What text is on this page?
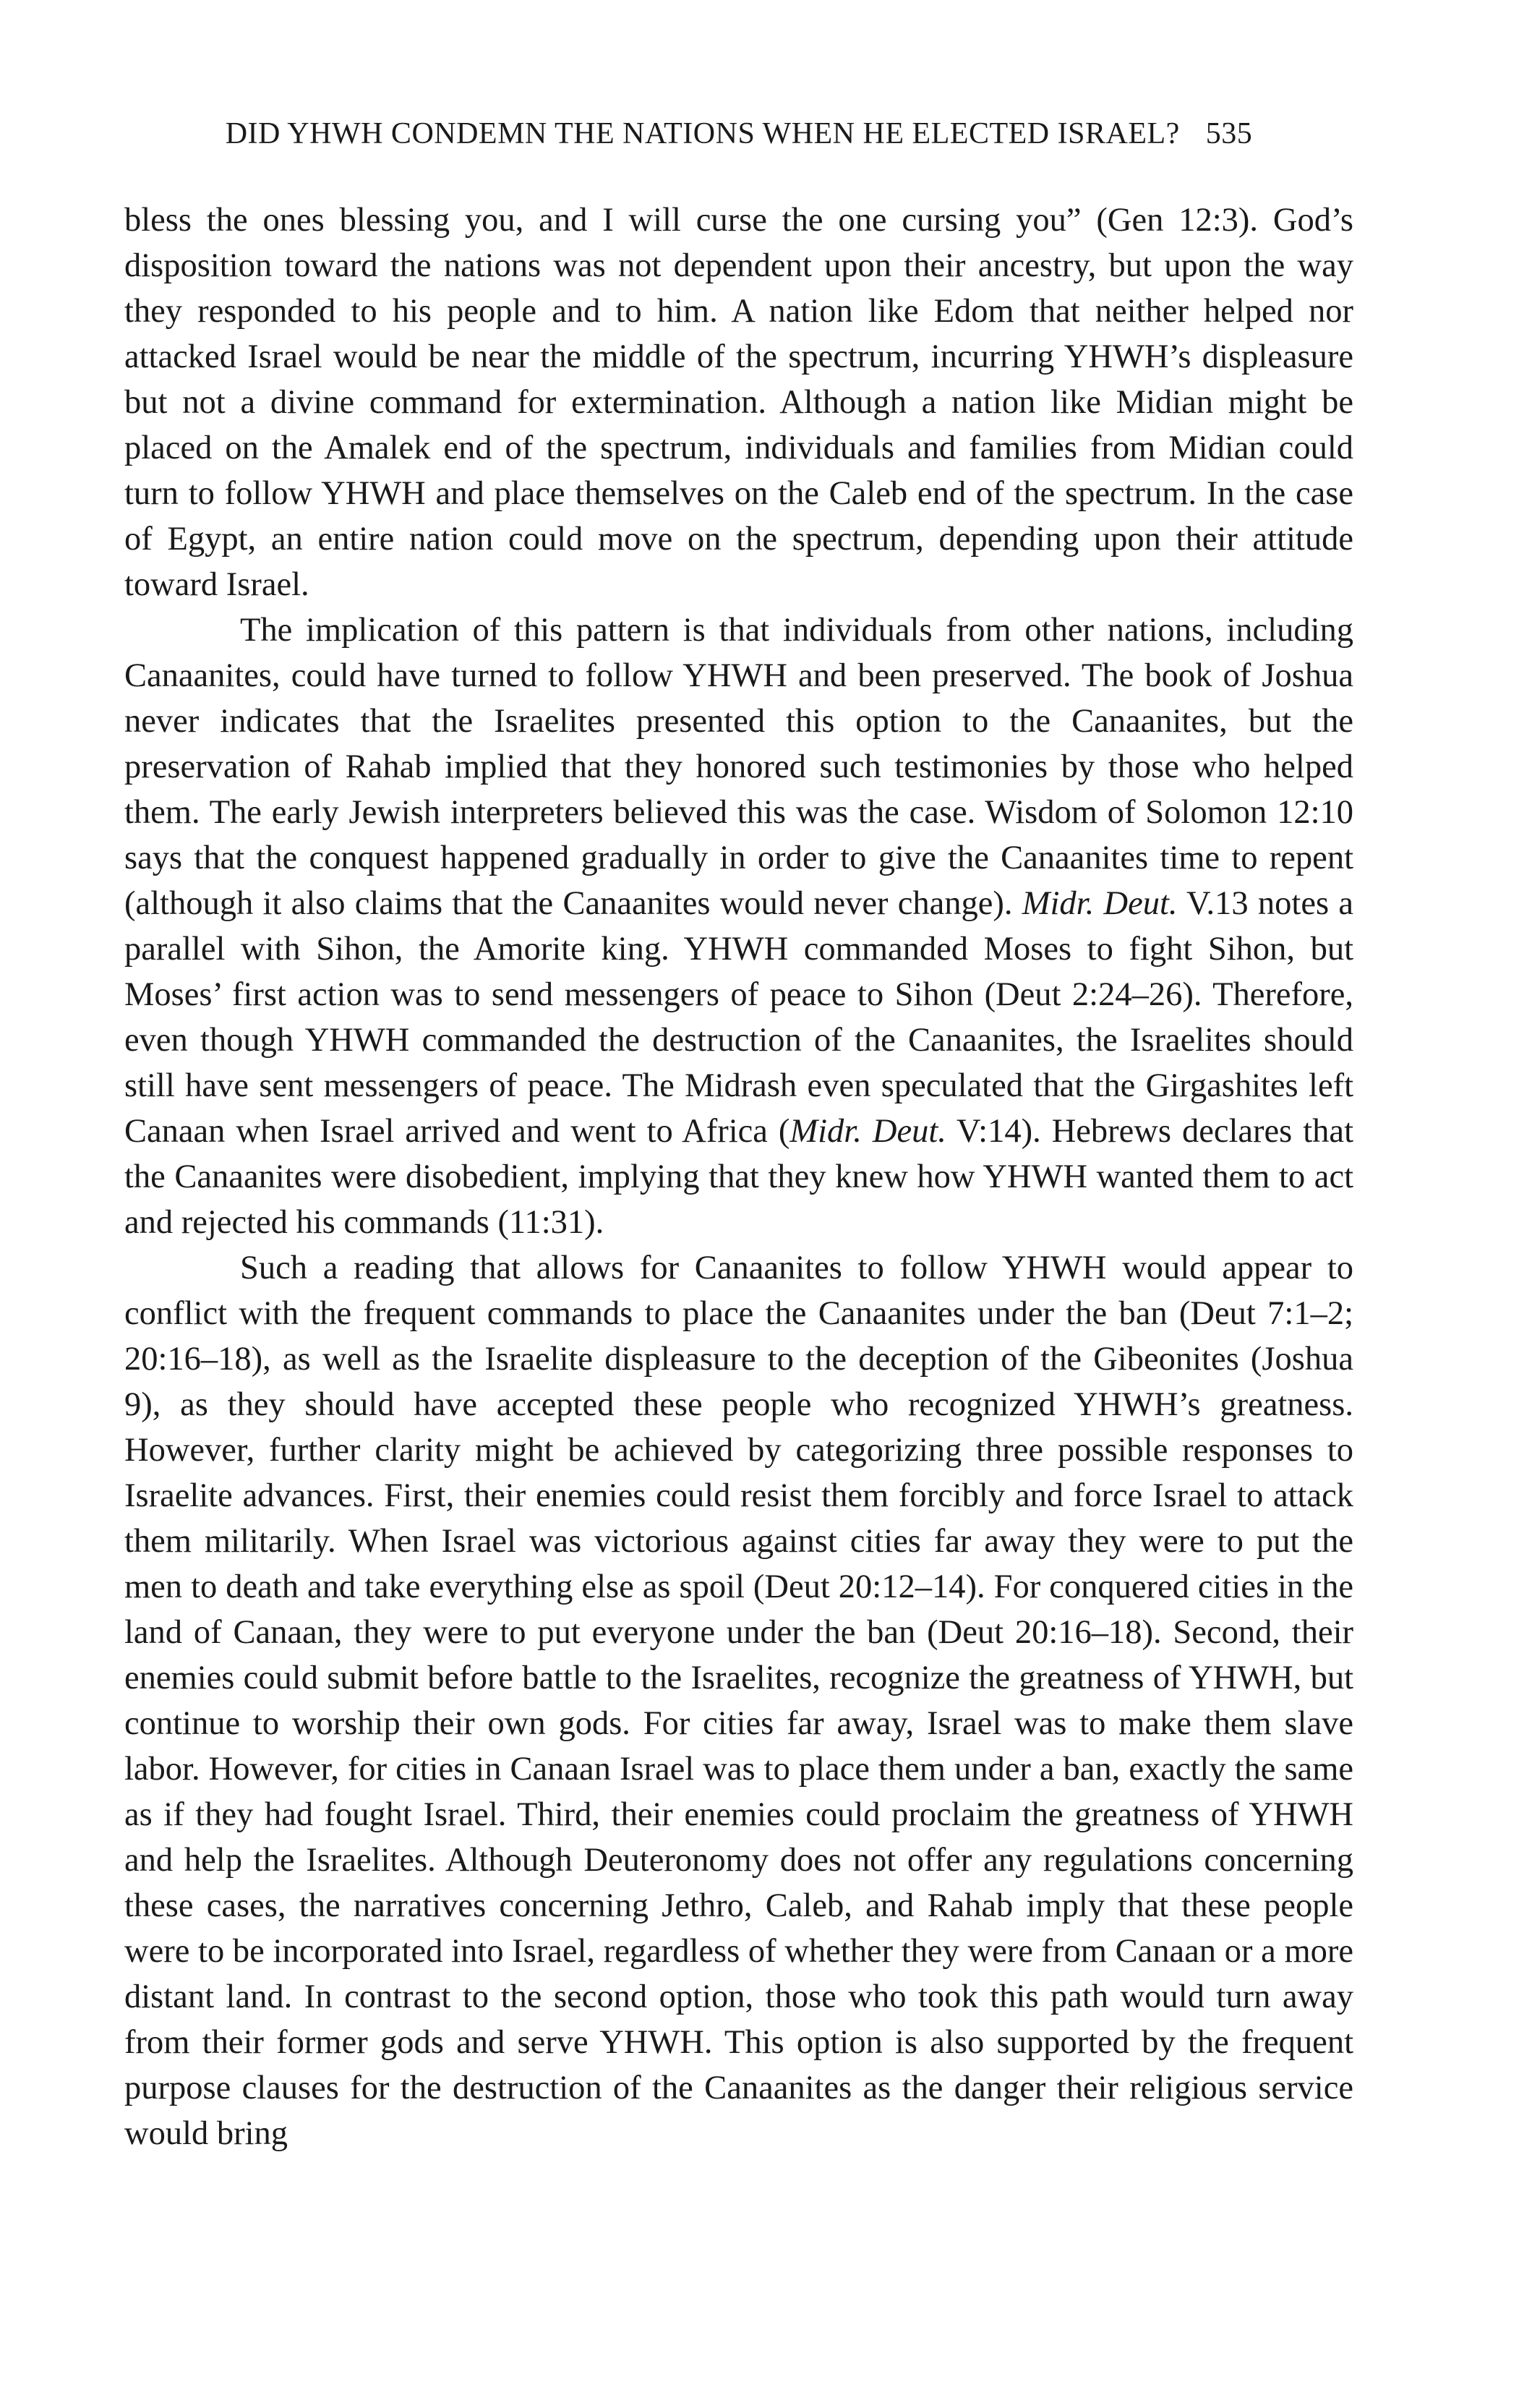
DID YHWH CONDEMN THE NATIONS WHEN HE ELECTED ISRAEL? 535

bless the ones blessing you, and I will curse the one cursing you” (Gen 12:3). God’s disposition toward the nations was not dependent upon their ancestry, but upon the way they responded to his people and to him. A nation like Edom that neither helped nor attacked Israel would be near the middle of the spectrum, incurring YHWH’s displeasure but not a divine command for extermination. Although a nation like Midian might be placed on the Amalek end of the spectrum, individuals and families from Midian could turn to follow YHWH and place themselves on the Caleb end of the spectrum. In the case of Egypt, an entire nation could move on the spectrum, depending upon their attitude toward Israel.

The implication of this pattern is that individuals from other nations, including Canaanites, could have turned to follow YHWH and been preserved. The book of Joshua never indicates that the Israelites presented this option to the Canaanites, but the preservation of Rahab implied that they honored such testimonies by those who helped them. The early Jewish interpreters believed this was the case. Wisdom of Solomon 12:10 says that the conquest happened gradually in order to give the Canaanites time to repent (although it also claims that the Canaanites would never change). Midr. Deut. V.13 notes a parallel with Sihon, the Amorite king. YHWH commanded Moses to fight Sihon, but Moses’ first action was to send messengers of peace to Sihon (Deut 2:24–26). Therefore, even though YHWH commanded the destruction of the Canaanites, the Israelites should still have sent messengers of peace. The Midrash even speculated that the Girgashites left Canaan when Israel arrived and went to Africa (Midr. Deut. V:14). Hebrews declares that the Canaanites were disobedient, implying that they knew how YHWH wanted them to act and rejected his commands (11:31).

Such a reading that allows for Canaanites to follow YHWH would appear to conflict with the frequent commands to place the Canaanites under the ban (Deut 7:1–2; 20:16–18), as well as the Israelite displeasure to the deception of the Gibeonites (Joshua 9), as they should have accepted these people who recognized YHWH’s greatness. However, further clarity might be achieved by categorizing three possible responses to Israelite advances. First, their enemies could resist them forcibly and force Israel to attack them militarily. When Israel was victorious against cities far away they were to put the men to death and take everything else as spoil (Deut 20:12–14). For conquered cities in the land of Canaan, they were to put everyone under the ban (Deut 20:16–18). Second, their enemies could submit before battle to the Israelites, recognize the greatness of YHWH, but continue to worship their own gods. For cities far away, Israel was to make them slave labor. However, for cities in Canaan Israel was to place them under a ban, exactly the same as if they had fought Israel. Third, their enemies could proclaim the greatness of YHWH and help the Israelites. Although Deuteronomy does not offer any regulations concerning these cases, the narratives concerning Jethro, Caleb, and Rahab imply that these people were to be incorporated into Israel, regardless of whether they were from Canaan or a more distant land. In contrast to the second option, those who took this path would turn away from their former gods and serve YHWH. This option is also supported by the frequent purpose clauses for the destruction of the Canaanites as the danger their religious service would bring
